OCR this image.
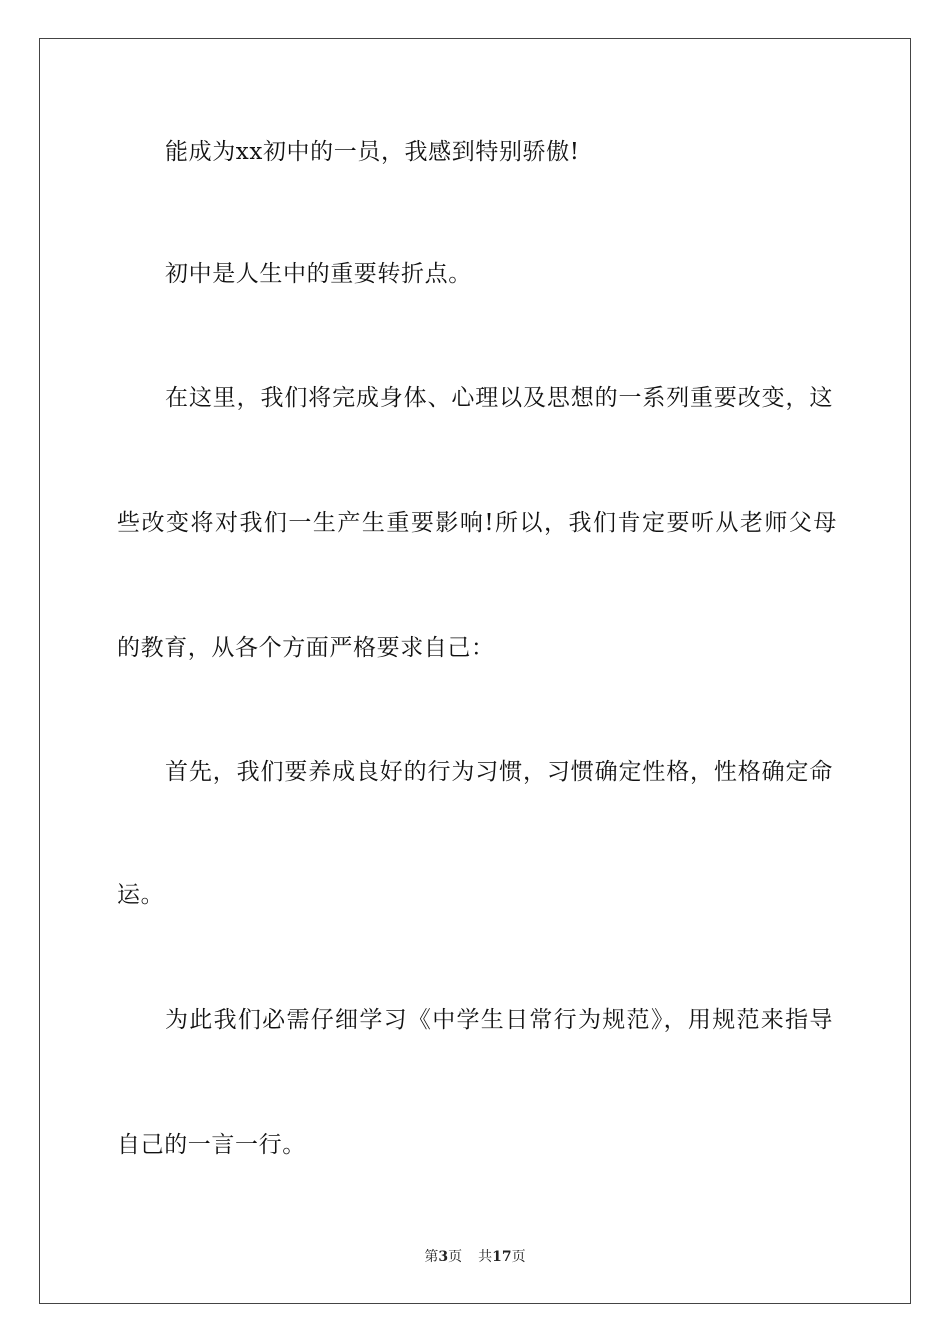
能成为xx初中的一员，我感到特别骄傲!
初中是人生中的重要转折点。
在这里，我们将完成身体、心理以及思想的一系列重要改变，这
些改变将对我们一生产生重要影响!所以，我们肯定要听从老师父母
的教育，从各个方面严格要求自己：
首先，我们要养成良好的行为习惯，习惯确定性格，性格确定命
运。
为此我们必需仔细学习《中学生日常行为规范》，用规范来指导
自己的一言一行。
第3页 共17页
